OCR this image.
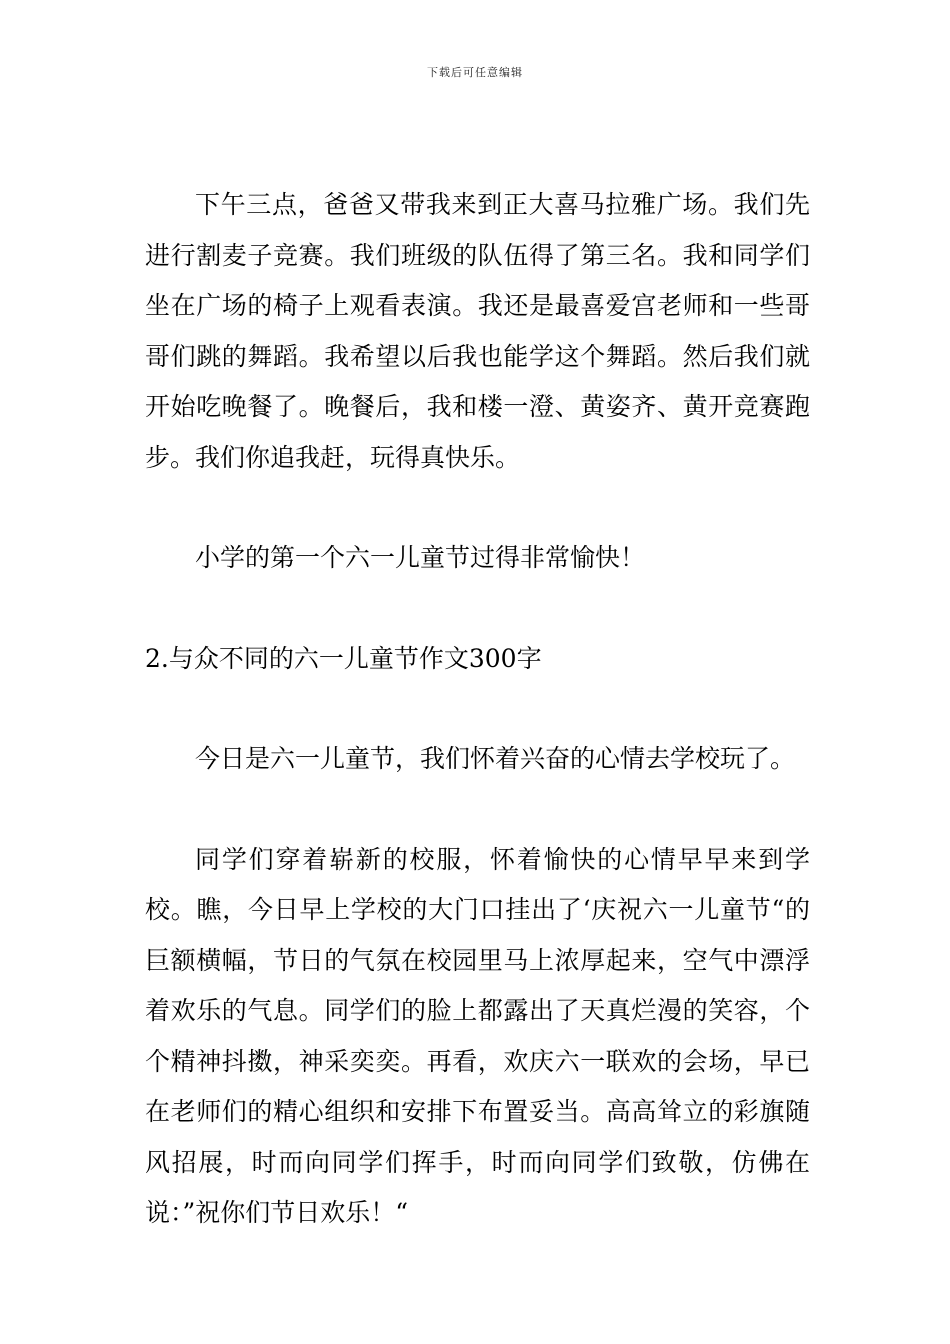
下载后可任意编辑

下午三点，爸爸又带我来到正大喜马拉雅广场。我们先进行割麦子竞赛。我们班级的队伍得了第三名。我和同学们坐在广场的椅子上观看表演。我还是最喜爱宫老师和一些哥哥们跳的舞蹈。我希望以后我也能学这个舞蹈。然后我们就开始吃晚餐了。晚餐后，我和楼一澄、黄姿齐、黄开竞赛跑步。我们你追我赶，玩得真快乐。

小学的第一个六一儿童节过得非常愉快！

2.与众不同的六一儿童节作文300字

今日是六一儿童节，我们怀着兴奋的心情去学校玩了。

同学们穿着崭新的校服，怀着愉快的心情早早来到学校。瞧，今日早上学校的大门口挂出了‘庆祝六一儿童节“的巨额横幅，节日的气氛在校园里马上浓厚起来，空气中漂浮着欢乐的气息。同学们的脸上都露出了天真烂漫的笑容，个个精神抖擞，神采奕奕。再看，欢庆六一联欢的会场，早已在老师们的精心组织和安排下布置妥当。高高耸立的彩旗随风招展，时而向同学们挥手，时而向同学们致敬，仿佛在说：”祝你们节日欢乐！“
